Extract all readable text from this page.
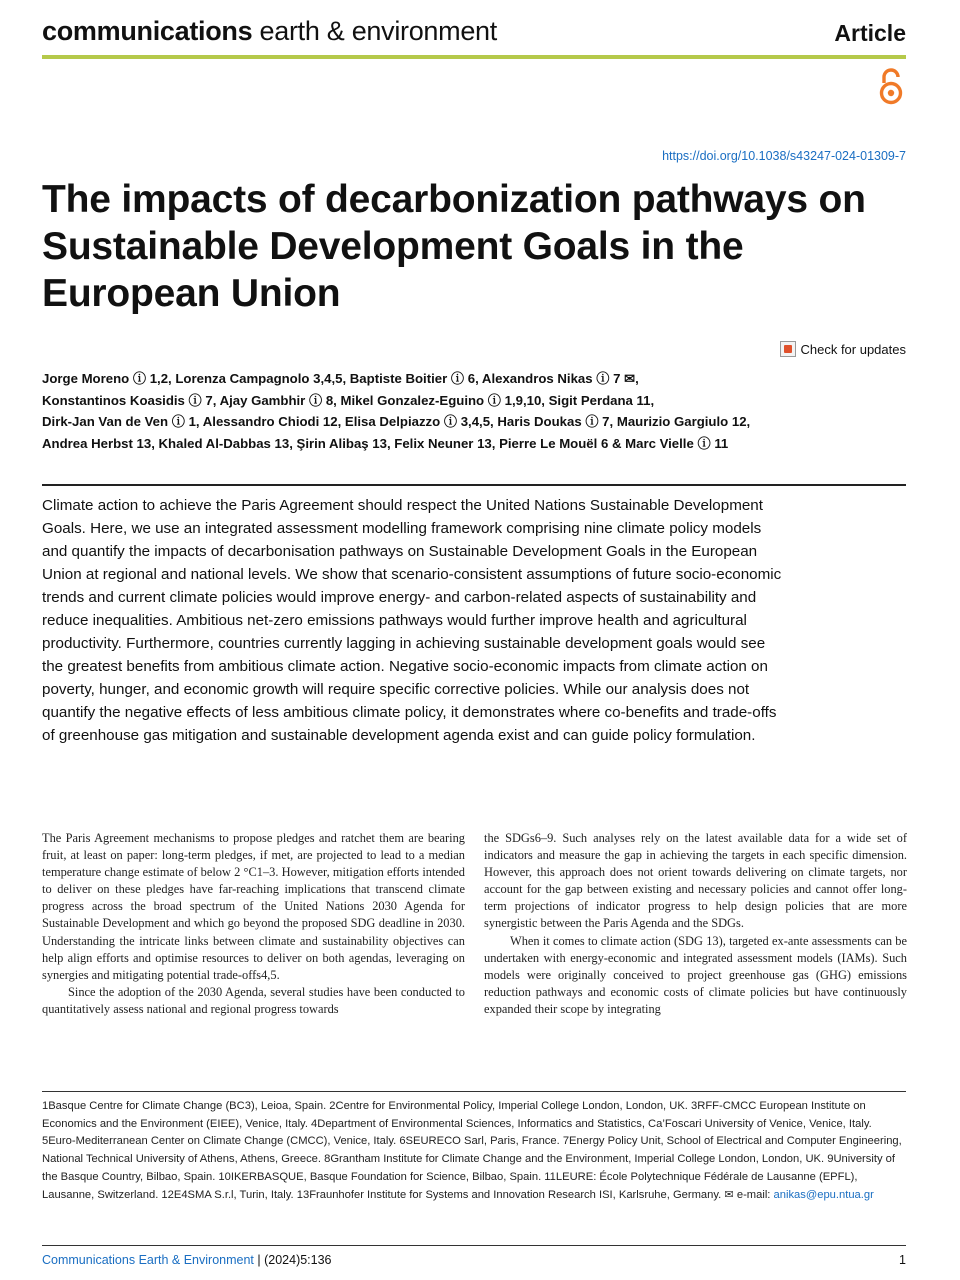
communications earth & environment	Article
https://doi.org/10.1038/s43247-024-01309-7
The impacts of decarbonization pathways on Sustainable Development Goals in the European Union
Check for updates
Jorge Moreno ⓘ 1,2, Lorenza Campagnolo 3,4,5, Baptiste Boitier ⓘ 6, Alexandros Nikas ⓘ 7 ✉,
Konstantinos Koasidis ⓘ 7, Ajay Gambhir ⓘ 8, Mikel Gonzalez-Eguino ⓘ 1,9,10, Sigit Perdana 11,
Dirk-Jan Van de Ven ⓘ 1, Alessandro Chiodi 12, Elisa Delpiazzo ⓘ 3,4,5, Haris Doukas ⓘ 7, Maurizio Gargiulo 12,
Andrea Herbst 13, Khaled Al-Dabbas 13, Şirin Alibaş 13, Felix Neuner 13, Pierre Le Mouël 6 & Marc Vielle ⓘ 11
Climate action to achieve the Paris Agreement should respect the United Nations Sustainable Development Goals. Here, we use an integrated assessment modelling framework comprising nine climate policy models and quantify the impacts of decarbonisation pathways on Sustainable Development Goals in the European Union at regional and national levels. We show that scenario-consistent assumptions of future socio-economic trends and current climate policies would improve energy- and carbon-related aspects of sustainability and reduce inequalities. Ambitious net-zero emissions pathways would further improve health and agricultural productivity. Furthermore, countries currently lagging in achieving sustainable development goals would see the greatest benefits from ambitious climate action. Negative socio-economic impacts from climate action on poverty, hunger, and economic growth will require specific corrective policies. While our analysis does not quantify the negative effects of less ambitious climate policy, it demonstrates where co-benefits and trade-offs of greenhouse gas mitigation and sustainable development agenda exist and can guide policy formulation.

The Paris Agreement mechanisms to propose pledges and ratchet them are bearing fruit, at least on paper: long-term pledges, if met, are projected to lead to a median temperature change estimate of below 2 °C1–3. However, mitigation efforts intended to deliver on these pledges have far-reaching implications that transcend climate progress across the broad spectrum of the United Nations 2030 Agenda for Sustainable Development and which go beyond the proposed SDG deadline in 2030. Understanding the intricate links between climate and sustainability objectives can help align efforts and optimise resources to deliver on both agendas, leveraging on synergies and mitigating potential trade-offs4,5.

Since the adoption of the 2030 Agenda, several studies have been conducted to quantitatively assess national and regional progress towards

the SDGs6–9. Such analyses rely on the latest available data for a wide set of indicators and measure the gap in achieving the targets in each specific dimension. However, this approach does not orient towards delivering on climate targets, nor account for the gap between existing and necessary policies and cannot offer long-term projections of indicator progress to help design policies that are more synergistic between the Paris Agenda and the SDGs.

When it comes to climate action (SDG 13), targeted ex-ante assessments can be undertaken with energy-economic and integrated assessment models (IAMs). Such models were originally conceived to project greenhouse gas (GHG) emissions reduction pathways and economic costs of climate policies but have continuously expanded their scope by integrating

1Basque Centre for Climate Change (BC3), Leioa, Spain. 2Centre for Environmental Policy, Imperial College London, London, UK. 3RFF-CMCC European Institute on Economics and the Environment (EIEE), Venice, Italy. 4Department of Environmental Sciences, Informatics and Statistics, Ca’Foscari University of Venice, Venice, Italy. 5Euro-Mediterranean Center on Climate Change (CMCC), Venice, Italy. 6SEURECO Sarl, Paris, France. 7Energy Policy Unit, School of Electrical and Computer Engineering, National Technical University of Athens, Athens, Greece. 8Grantham Institute for Climate Change and the Environment, Imperial College London, London, UK. 9University of the Basque Country, Bilbao, Spain. 10IKERBASQUE, Basque Foundation for Science, Bilbao, Spain. 11LEURE: École Polytechnique Fédérale de Lausanne (EPFL), Lausanne, Switzerland. 12E4SMA S.r.l, Turin, Italy. 13Fraunhofer Institute for Systems and Innovation Research ISI, Karlsruhe, Germany. ✉ e-mail: anikas@epu.ntua.gr
Communications Earth & Environment | (2024)5:136	1
